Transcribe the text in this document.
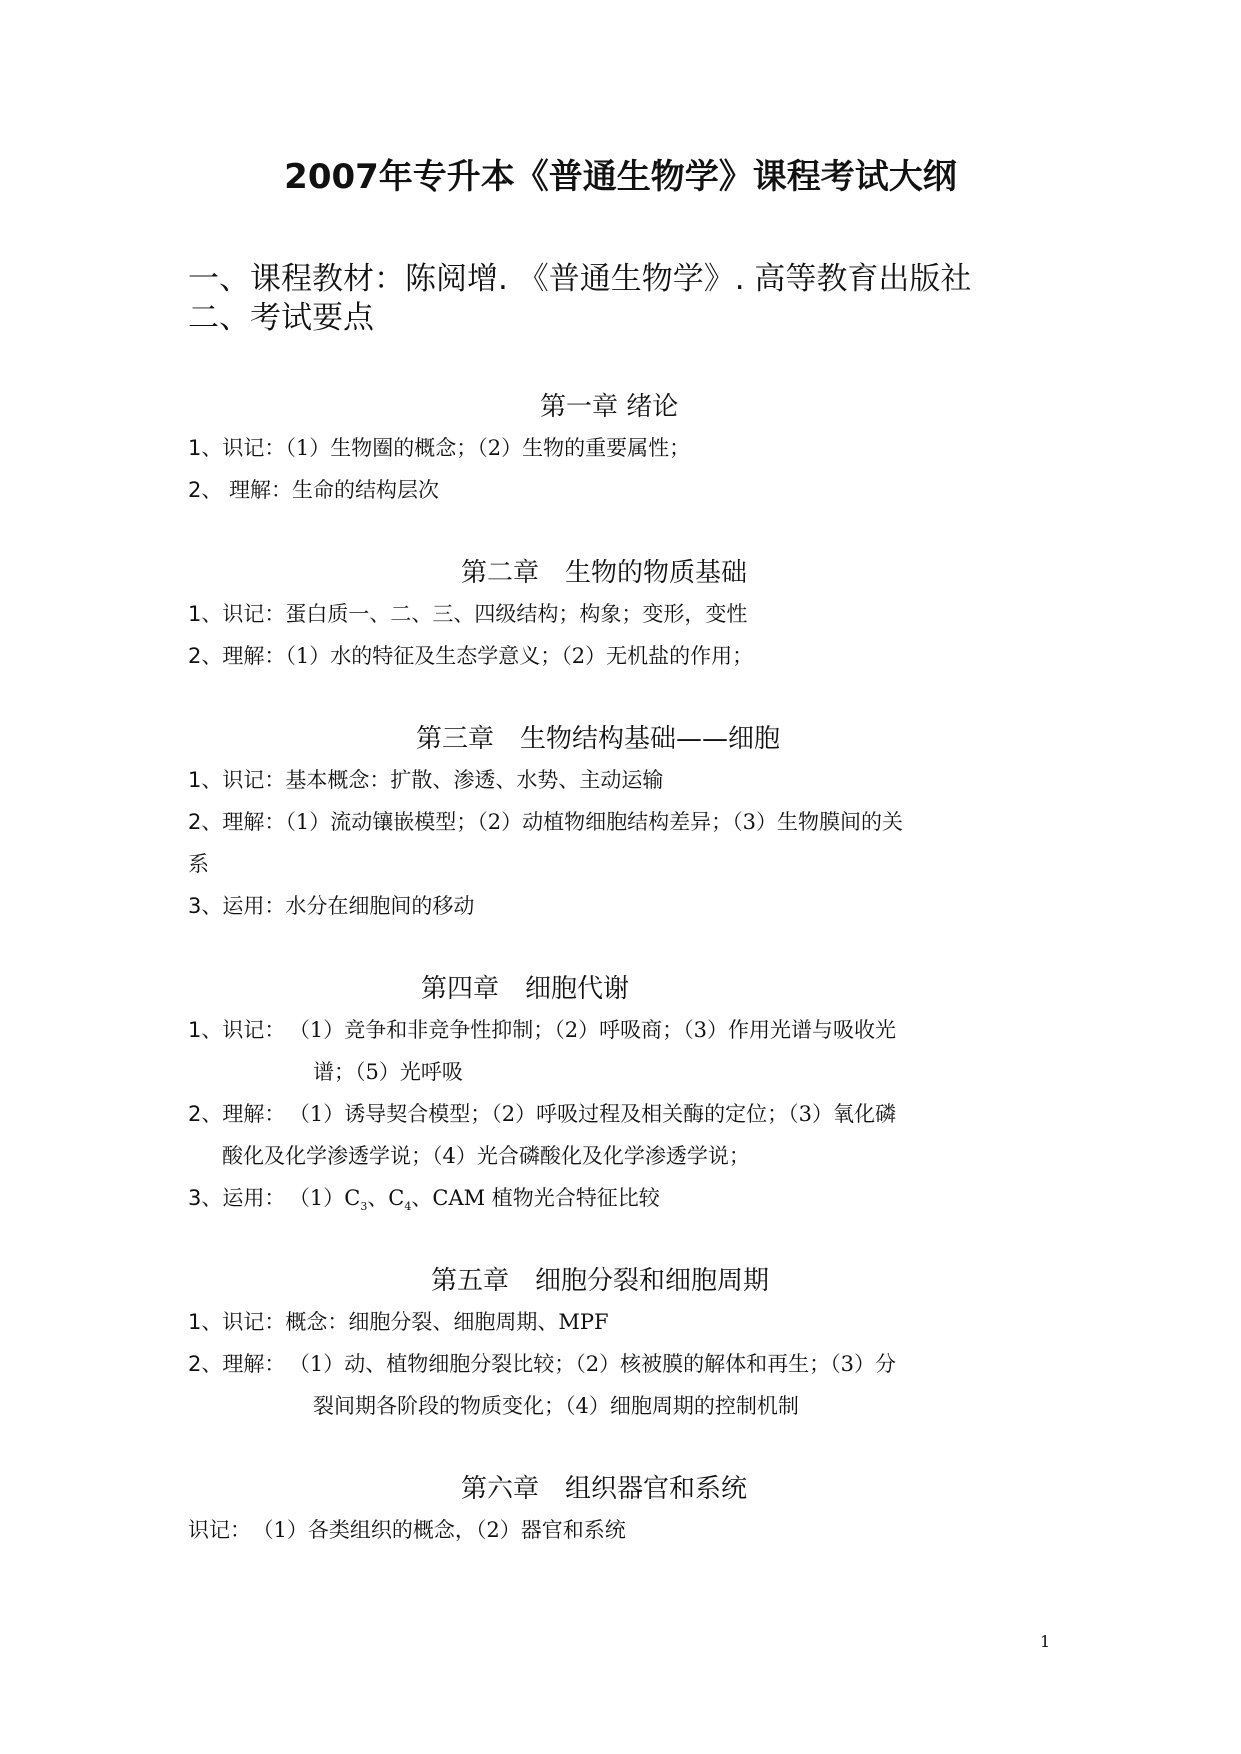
2007年专升本《普通生物学》课程考试大纲
一、课程教材：陈阅增. 《普通生物学》. 高等教育出版社
二、考试要点
第一章 绪论
1、识记：（1）生物圈的概念；（2）生物的重要属性；
2、 理解：生命的结构层次
第二章　生物的物质基础
1、识记：蛋白质一、二、三、四级结构；构象；变形，变性
2、理解：（1）水的特征及生态学意义；（2）无机盐的作用；
第三章　生物结构基础——细胞
1、识记：基本概念：扩散、渗透、水势、主动运输
2、理解：（1）流动镶嵌模型；（2）动植物细胞结构差异；（3）生物膜间的关
系
3、运用：水分在细胞间的移动
第四章　细胞代谢
1、识记： （1）竞争和非竞争性抑制；（2）呼吸商；（3）作用光谱与吸收光
谱；（5）光呼吸
2、理解： （1）诱导契合模型；（2）呼吸过程及相关酶的定位；（3）氧化磷
酸化及化学渗透学说；（4）光合磷酸化及化学渗透学说；
3、运用： $(1)C_3$、$C_4$、CAM 植物光合特征比较
第五章　细胞分裂和细胞周期
1、识记：概念：细胞分裂、细胞周期、MPF
2、理解： （1）动、植物细胞分裂比较；（2）核被膜的解体和再生；（3）分
裂间期各阶段的物质变化；（4）细胞周期的控制机制
第六章　组织器官和系统
识记： （1）各类组织的概念，（2）器官和系统
1
